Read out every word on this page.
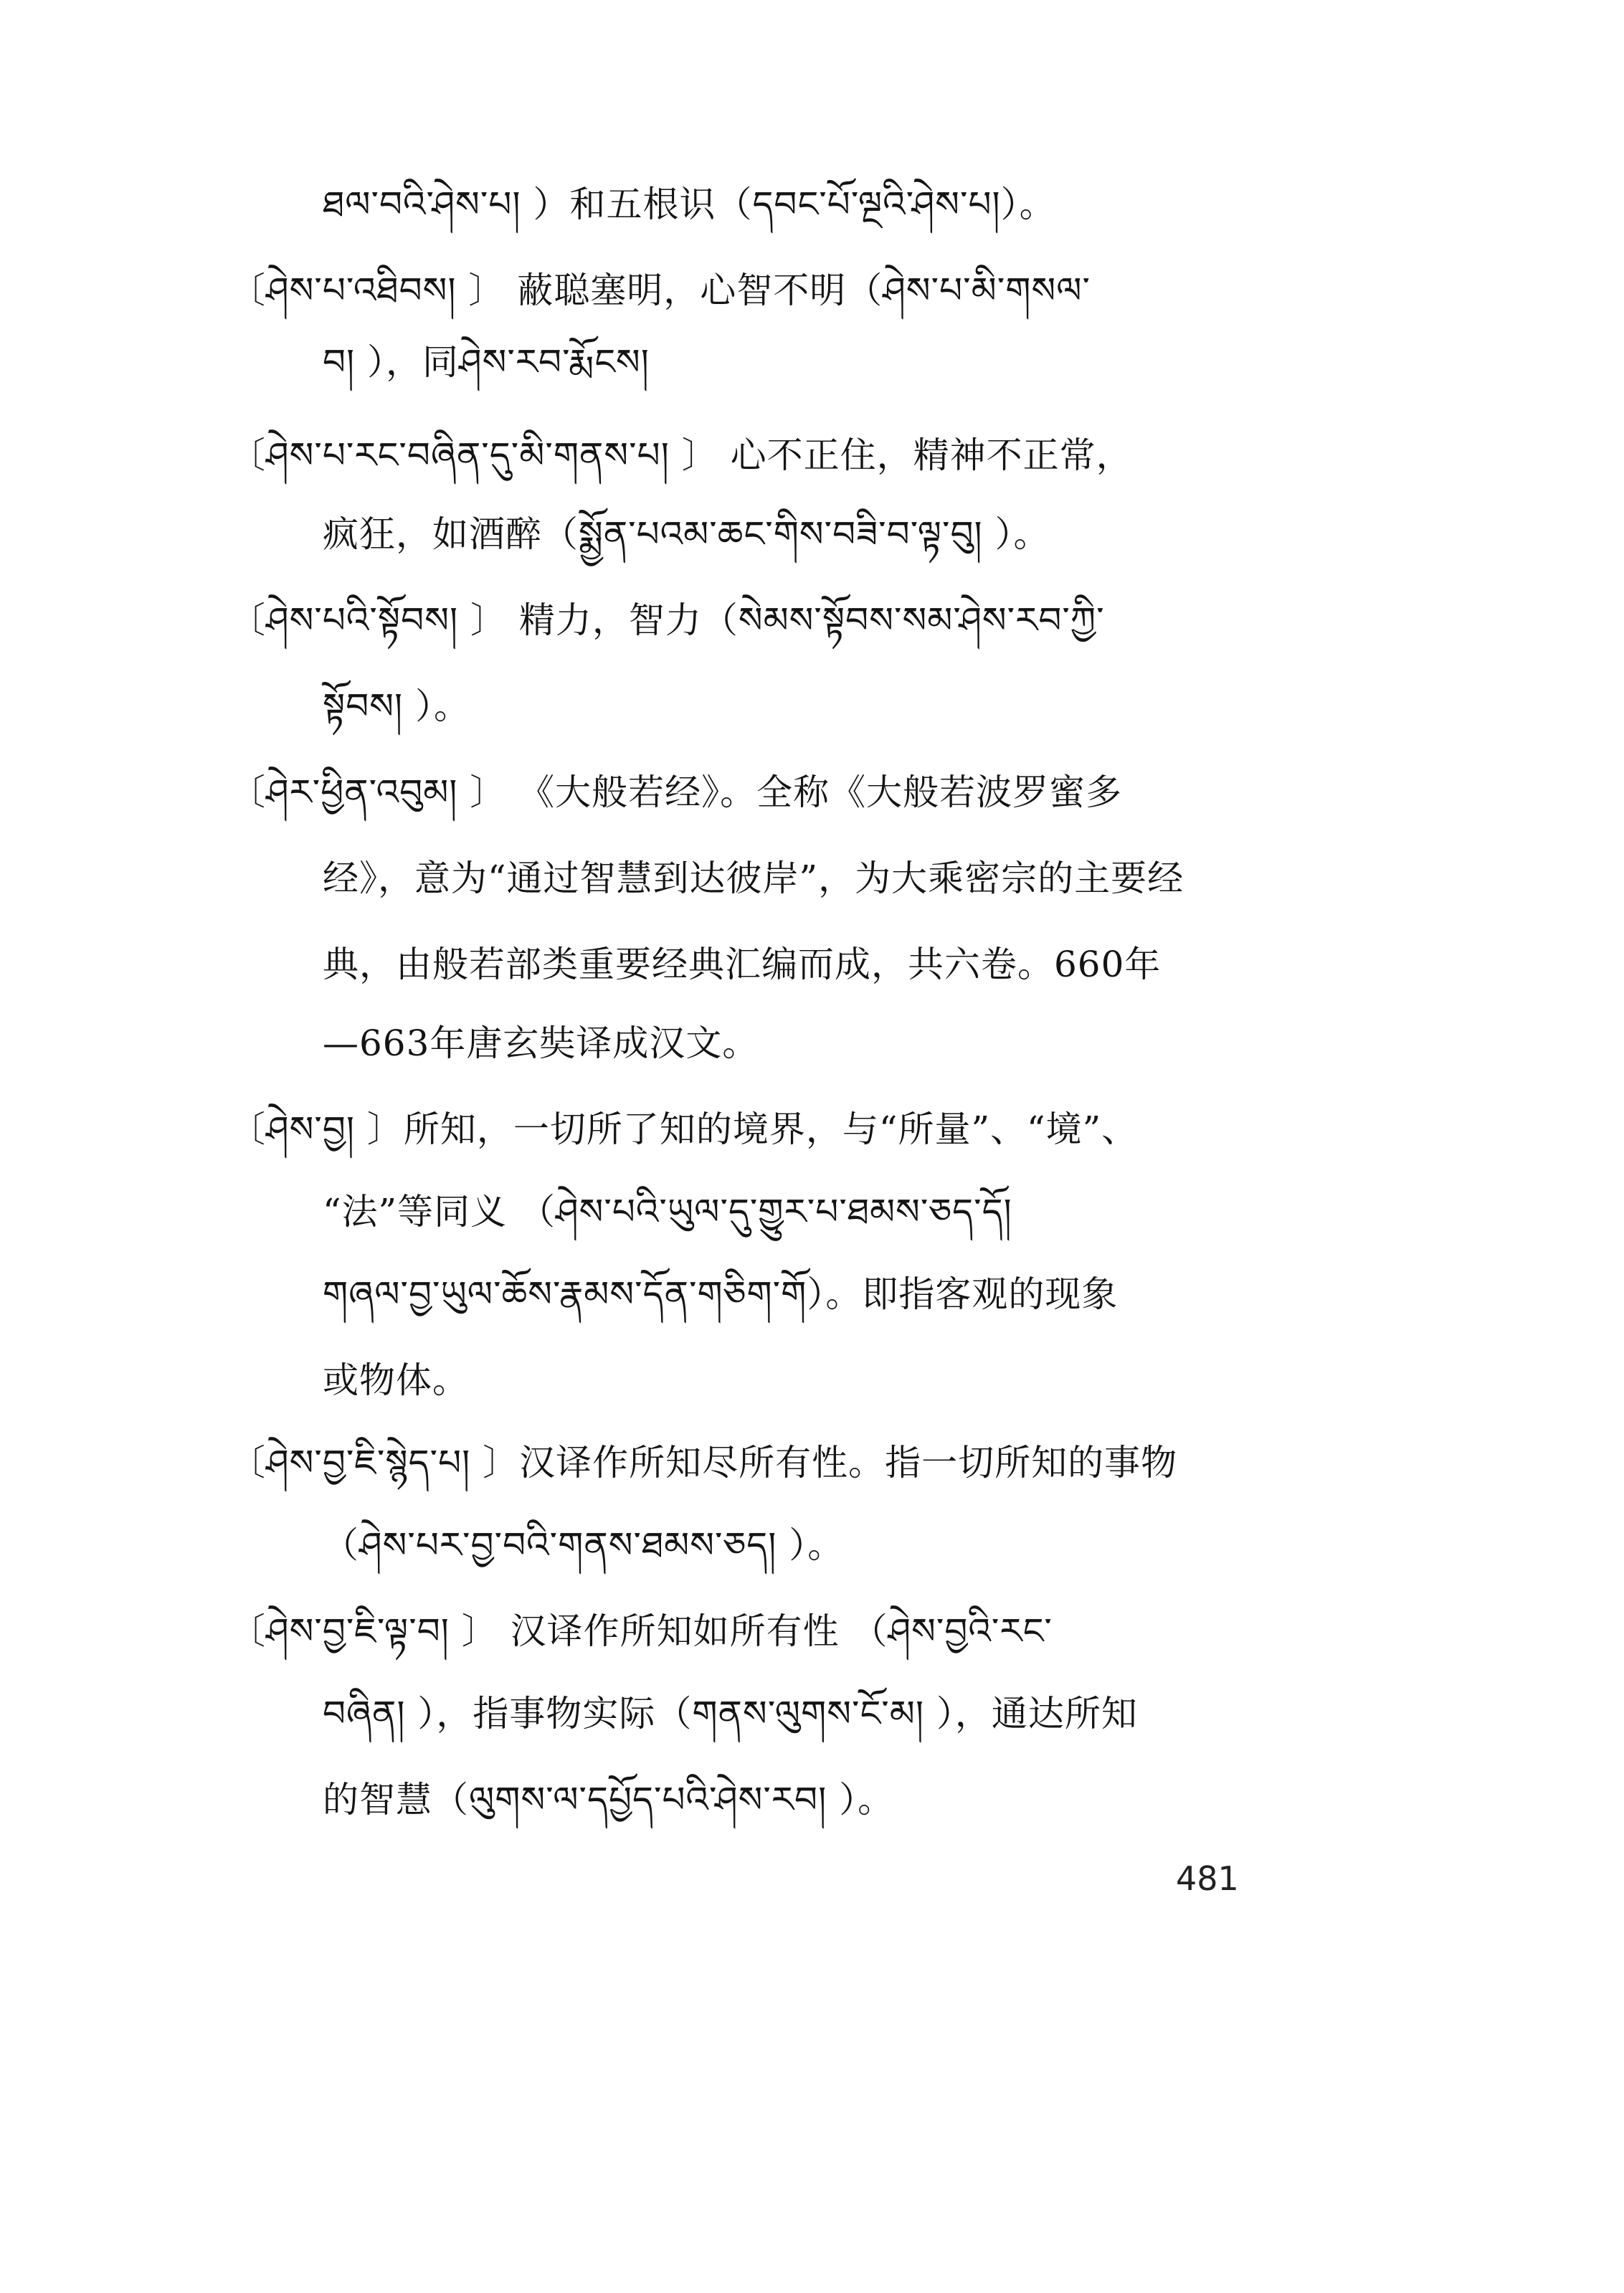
ཐལ་བའི་ཤེས་པ། ）和五根识（དབང་པོ་ལྔའི་ཤེས་པ།）。
〔ཤེས་པ་འཐིབས། 〕 蔽聪塞明，心智不明（ཤེས་པ་མི་གསལ་
བ། ），同ཤེས་རབ་རྨོངས།
〔ཤེས་པ་རང་བཞིན་དུ་མི་གནས་པ། 〕 心不正住，精神不正常，
疯狂，如酒醉（སྨྱོན་པའམ་ཆང་གིས་བཟི་བ་ལྟ་བུ། ）。
〔ཤེས་པའི་སྟོབས། 〕 精力，智力（སེམས་སྟོབས་སམ་ཤེས་རབ་ཀྱི་
སྟོབས། ）。
〔ཤེར་ཕྱིན་འབུམ། 〕 《大般若经》。全称《大般若波罗蜜多
经》，意为“通过智慧到达彼岸”，为大乘密宗的主要经
典，由般若部类重要经典汇编而成，共六卷。660年
—663年唐玄奘译成汉文。
〔ཤེས་བྱ། 〕所知，一切所了知的境界，与“所量”、“境”、
“法”等同义 （ཤེས་པའི་ཡུལ་དུ་གྱུར་པ་ཐམས་ཅད་དོ།
གཞལ་བྱ་ཡུལ་ཆོས་རྣམས་དོན་གཅིག་གོ）。即指客观的现象
或物体。
〔ཤེས་བྱ་ཇི་སྙེད་པ། 〕汉译作所知尽所有性。指一切所知的事物
（ཤེས་པར་བྱ་བའི་གནས་ཐམས་ཅད། ）。
〔ཤེས་བྱ་ཇི་ལྟ་བ། 〕 汉译作所知如所有性 （ཤེས་བྱའི་རང་
བཞིན། ），指事物实际（གནས་ལུགས་ངོ་མ། ），通达所知
的智慧（ལུགས་ལ་དཔྱོད་པའི་ཤེས་རབ། ）。
481
